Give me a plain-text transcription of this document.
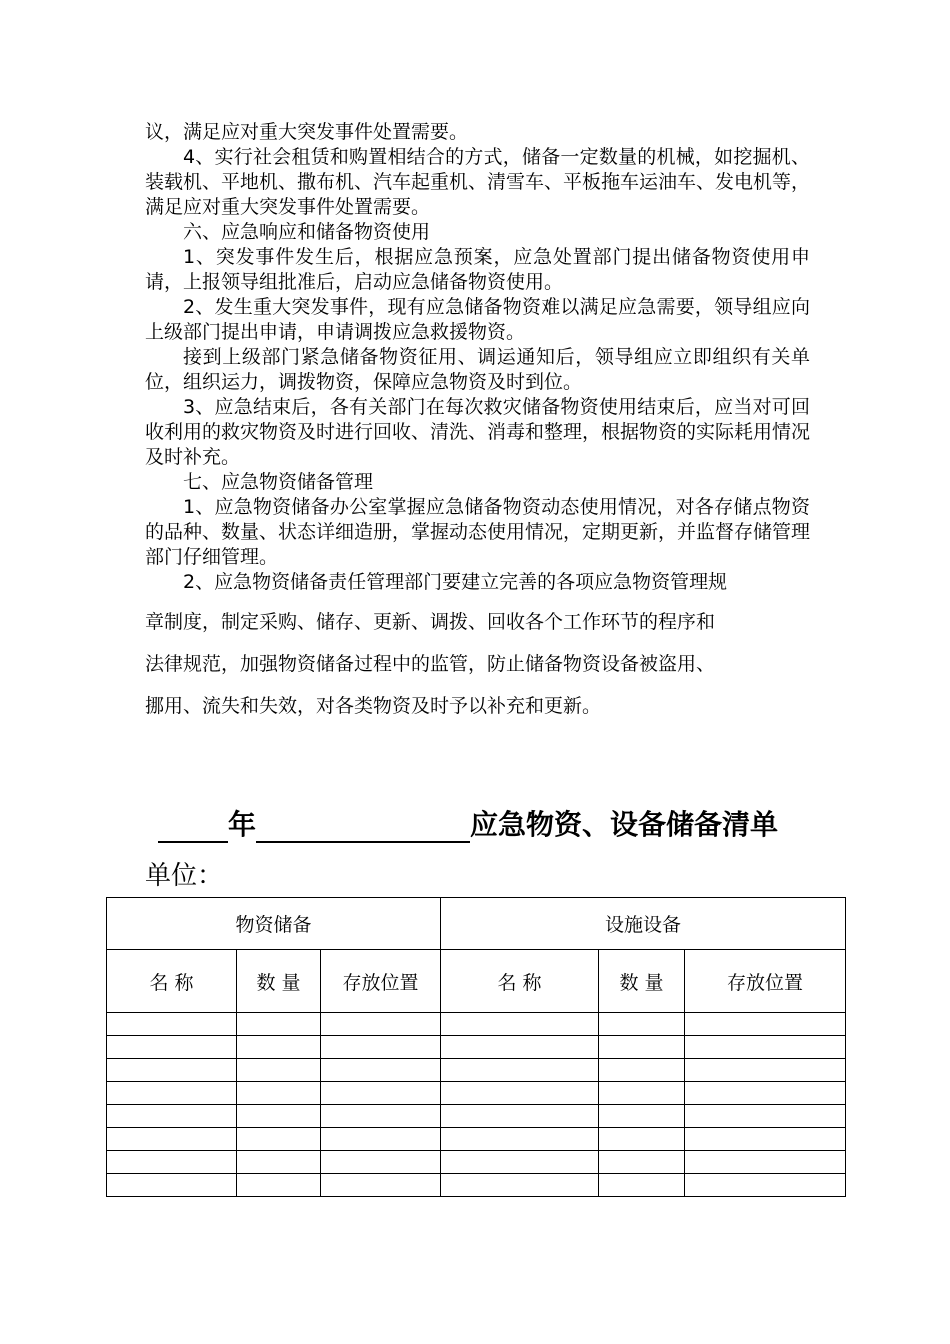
议，满足应对重大突发事件处置需要。

4、实行社会租赁和购置相结合的方式，储备一定数量的机械，如挖掘机、装载机、平地机、撒布机、汽车起重机、清雪车、平板拖车运油车、发电机等，满足应对重大突发事件处置需要。

六、应急响应和储备物资使用

1、突发事件发生后，根据应急预案，应急处置部门提出储备物资使用申请，上报领导组批准后，启动应急储备物资使用。

2、发生重大突发事件，现有应急储备物资难以满足应急需要，领导组应向上级部门提出申请，申请调拨应急救援物资。

接到上级部门紧急储备物资征用、调运通知后，领导组应立即组织有关单位，组织运力，调拨物资，保障应急物资及时到位。

3、应急结束后，各有关部门在每次救灾储备物资使用结束后，应当对可回收利用的救灾物资及时进行回收、清洗、消毒和整理，根据物资的实际耗用情况及时补充。

七、应急物资储备管理

1、应急物资储备办公室掌握应急储备物资动态使用情况，对各存储点物资的品种、数量、状态详细造册，掌握动态使用情况，定期更新，并监督存储管理部门仔细管理。

2、应急物资储备责任管理部门要建立完善的各项应急物资管理规

章制度，制定采购、储存、更新、调拨、回收各个工作环节的程序和

法律规范，加强物资储备过程中的监管，防止储备物资设备被盗用、

挪用、流失和失效，对各类物资及时予以补充和更新。

年	应急物资、设备储备清单
单位：
物资储备			设施设备		
名 称	数 量	存放位置	名 称	数 量	存放位置
